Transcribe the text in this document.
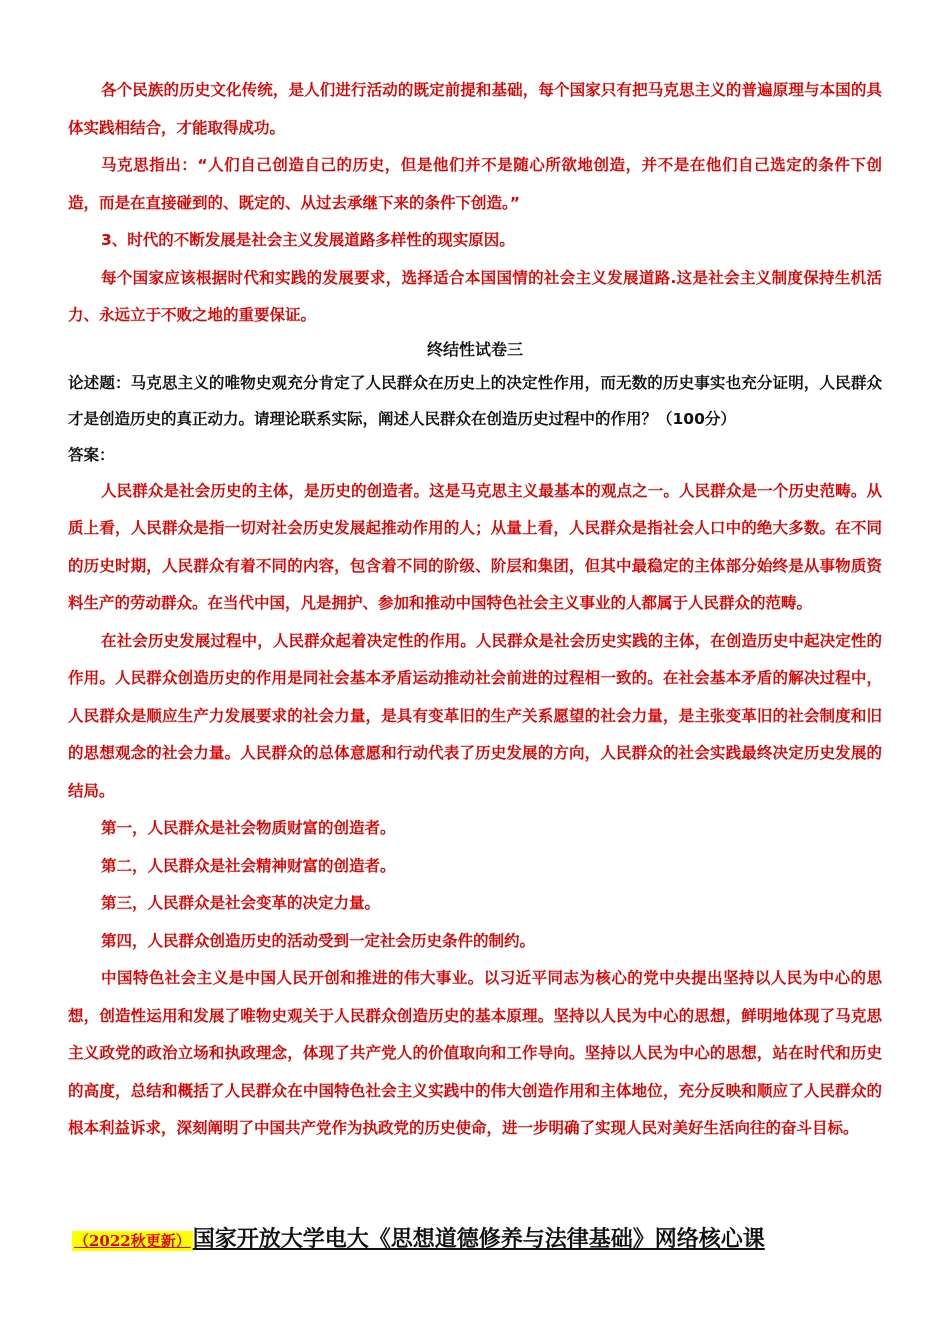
各个民族的历史文化传统，是人们进行活动的既定前提和基础，每个国家只有把马克思主义的普遍原理与本国的具体实践相结合，才能取得成功。

马克思指出：“人们自己创造自己的历史，但是他们并不是随心所欲地创造，并不是在他们自己选定的条件下创造，而是在直接碰到的、既定的、从过去承继下来的条件下创造。”

3、时代的不断发展是社会主义发展道路多样性的现实原因。

每个国家应该根据时代和实践的发展要求，选择适合本国国情的社会主义发展道路.这是社会主义制度保持生机活力、永远立于不败之地的重要保证。

终结性试卷三

论述题：马克思主义的唯物史观充分肯定了人民群众在历史上的决定性作用，而无数的历史事实也充分证明，人民群众才是创造历史的真正动力。请理论联系实际，阐述人民群众在创造历史过程中的作用？（100分）

答案：

人民群众是社会历史的主体，是历史的创造者。这是马克思主义最基本的观点之一。人民群众是一个历史范畴。从质上看，人民群众是指一切对社会历史发展起推动作用的人；从量上看，人民群众是指社会人口中的绝大多数。在不同的历史时期，人民群众有着不同的内容，包含着不同的阶级、阶层和集团，但其中最稳定的主体部分始终是从事物质资料生产的劳动群众。在当代中国，凡是拥护、参加和推动中国特色社会主义事业的人都属于人民群众的范畴。

在社会历史发展过程中，人民群众起着决定性的作用。人民群众是社会历史实践的主体，在创造历史中起决定性的作用。人民群众创造历史的作用是同社会基本矛盾运动推动社会前进的过程相一致的。在社会基本矛盾的解决过程中，人民群众是顺应生产力发展要求的社会力量，是具有变革旧的生产关系愿望的社会力量，是主张变革旧的社会制度和旧的思想观念的社会力量。人民群众的总体意愿和行动代表了历史发展的方向，人民群众的社会实践最终决定历史发展的结局。

第一，人民群众是社会物质财富的创造者。

第二，人民群众是社会精神财富的创造者。

第三，人民群众是社会变革的决定力量。

第四，人民群众创造历史的活动受到一定社会历史条件的制约。

中国特色社会主义是中国人民开创和推进的伟大事业。以习近平同志为核心的党中央提出坚持以人民为中心的思想，创造性运用和发展了唯物史观关于人民群众创造历史的基本原理。坚持以人民为中心的思想，鲜明地体现了马克思主义政党的政治立场和执政理念，体现了共产党人的价值取向和工作导向。坚持以人民为中心的思想，站在时代和历史的高度，总结和概括了人民群众在中国特色社会主义实践中的伟大创造作用和主体地位，充分反映和顺应了人民群众的根本利益诉求，深刻阐明了中国共产党作为执政党的历史使命，进一步明确了实现人民对美好生活向往的奋斗目标。

（2022秋更新）国家开放大学电大《思想道德修养与法律基础》网络核心课
